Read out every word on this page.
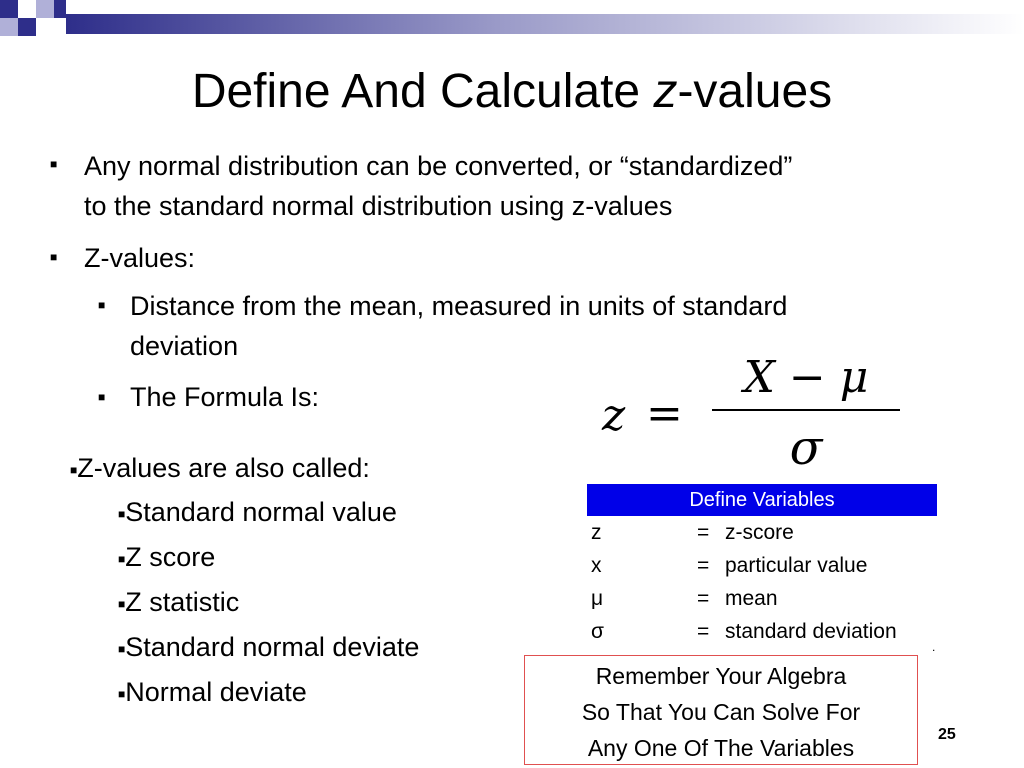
Define And Calculate z-values
■ Any normal distribution can be converted, or “standardized”
to the standard normal distribution using z-values
■ Z-values:
■ Distance from the mean, measured in units of standard
deviation
■ The Formula Is:	z =
X − μ
σ
■Z-values are also called:
■Standard normal value
■Z score
■Z statistic
■Standard normal deviate
■Normal deviate
Define Variables
z	= z-score
x	= particular value
μ	= mean
σ	= standard deviation
.
Remember Your Algebra
So That You Can Solve For
Any One Of The Variables
25
